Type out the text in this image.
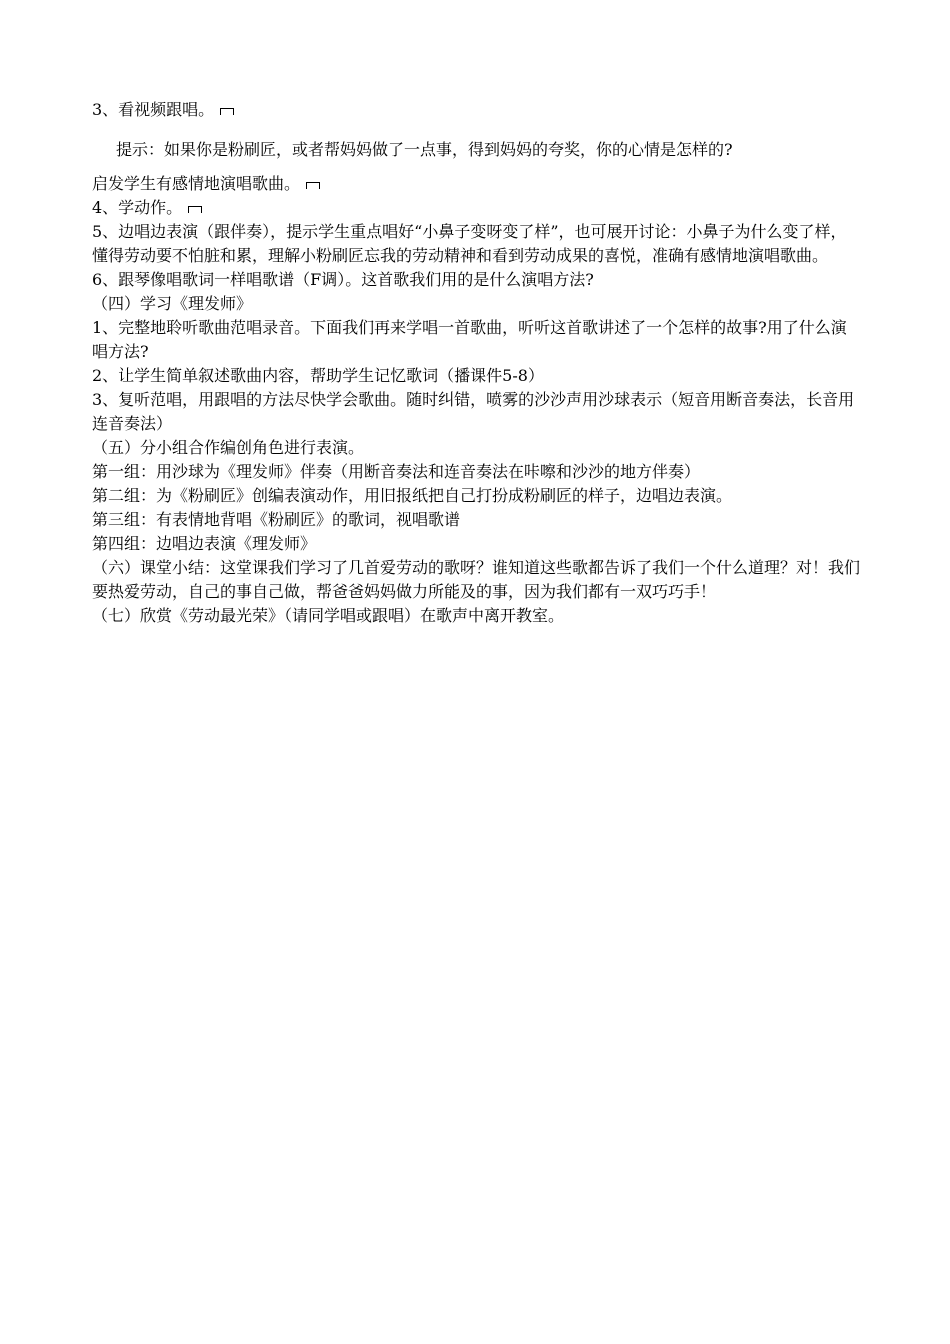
3、看视频跟唱。

提示：如果你是粉刷匠，或者帮妈妈做了一点事，得到妈妈的夸奖，你的心情是怎样的?

启发学生有感情地演唱歌曲。

4、学动作。

5、边唱边表演（跟伴奏），提示学生重点唱好“小鼻子变呀变了样”，也可展开讨论：小鼻子为什么变了样，懂得劳动要不怕脏和累，理解小粉刷匠忘我的劳动精神和看到劳动成果的喜悦，准确有感情地演唱歌曲。

6、跟琴像唱歌词一样唱歌谱（F调）。这首歌我们用的是什么演唱方法?

（四）学习《理发师》

1、完整地聆听歌曲范唱录音。下面我们再来学唱一首歌曲，听听这首歌讲述了一个怎样的故事?用了什么演唱方法?

2、让学生简单叙述歌曲内容，帮助学生记忆歌词（播课件5-8）

3、复听范唱，用跟唱的方法尽快学会歌曲。随时纠错，喷雾的沙沙声用沙球表示（短音用断音奏法，长音用连音奏法）

（五）分小组合作编创角色进行表演。

第一组：用沙球为《理发师》伴奏（用断音奏法和连音奏法在咔嚓和沙沙的地方伴奏）

第二组：为《粉刷匠》创编表演动作，用旧报纸把自己打扮成粉刷匠的样子，边唱边表演。

第三组：有表情地背唱《粉刷匠》的歌词，视唱歌谱

第四组：边唱边表演《理发师》

（六）课堂小结：这堂课我们学习了几首爱劳动的歌呀？谁知道这些歌都告诉了我们一个什么道理？对！我们要热爱劳动，自己的事自己做，帮爸爸妈妈做力所能及的事，因为我们都有一双巧巧手！

（七）欣赏《劳动最光荣》（请同学唱或跟唱）在歌声中离开教室。
